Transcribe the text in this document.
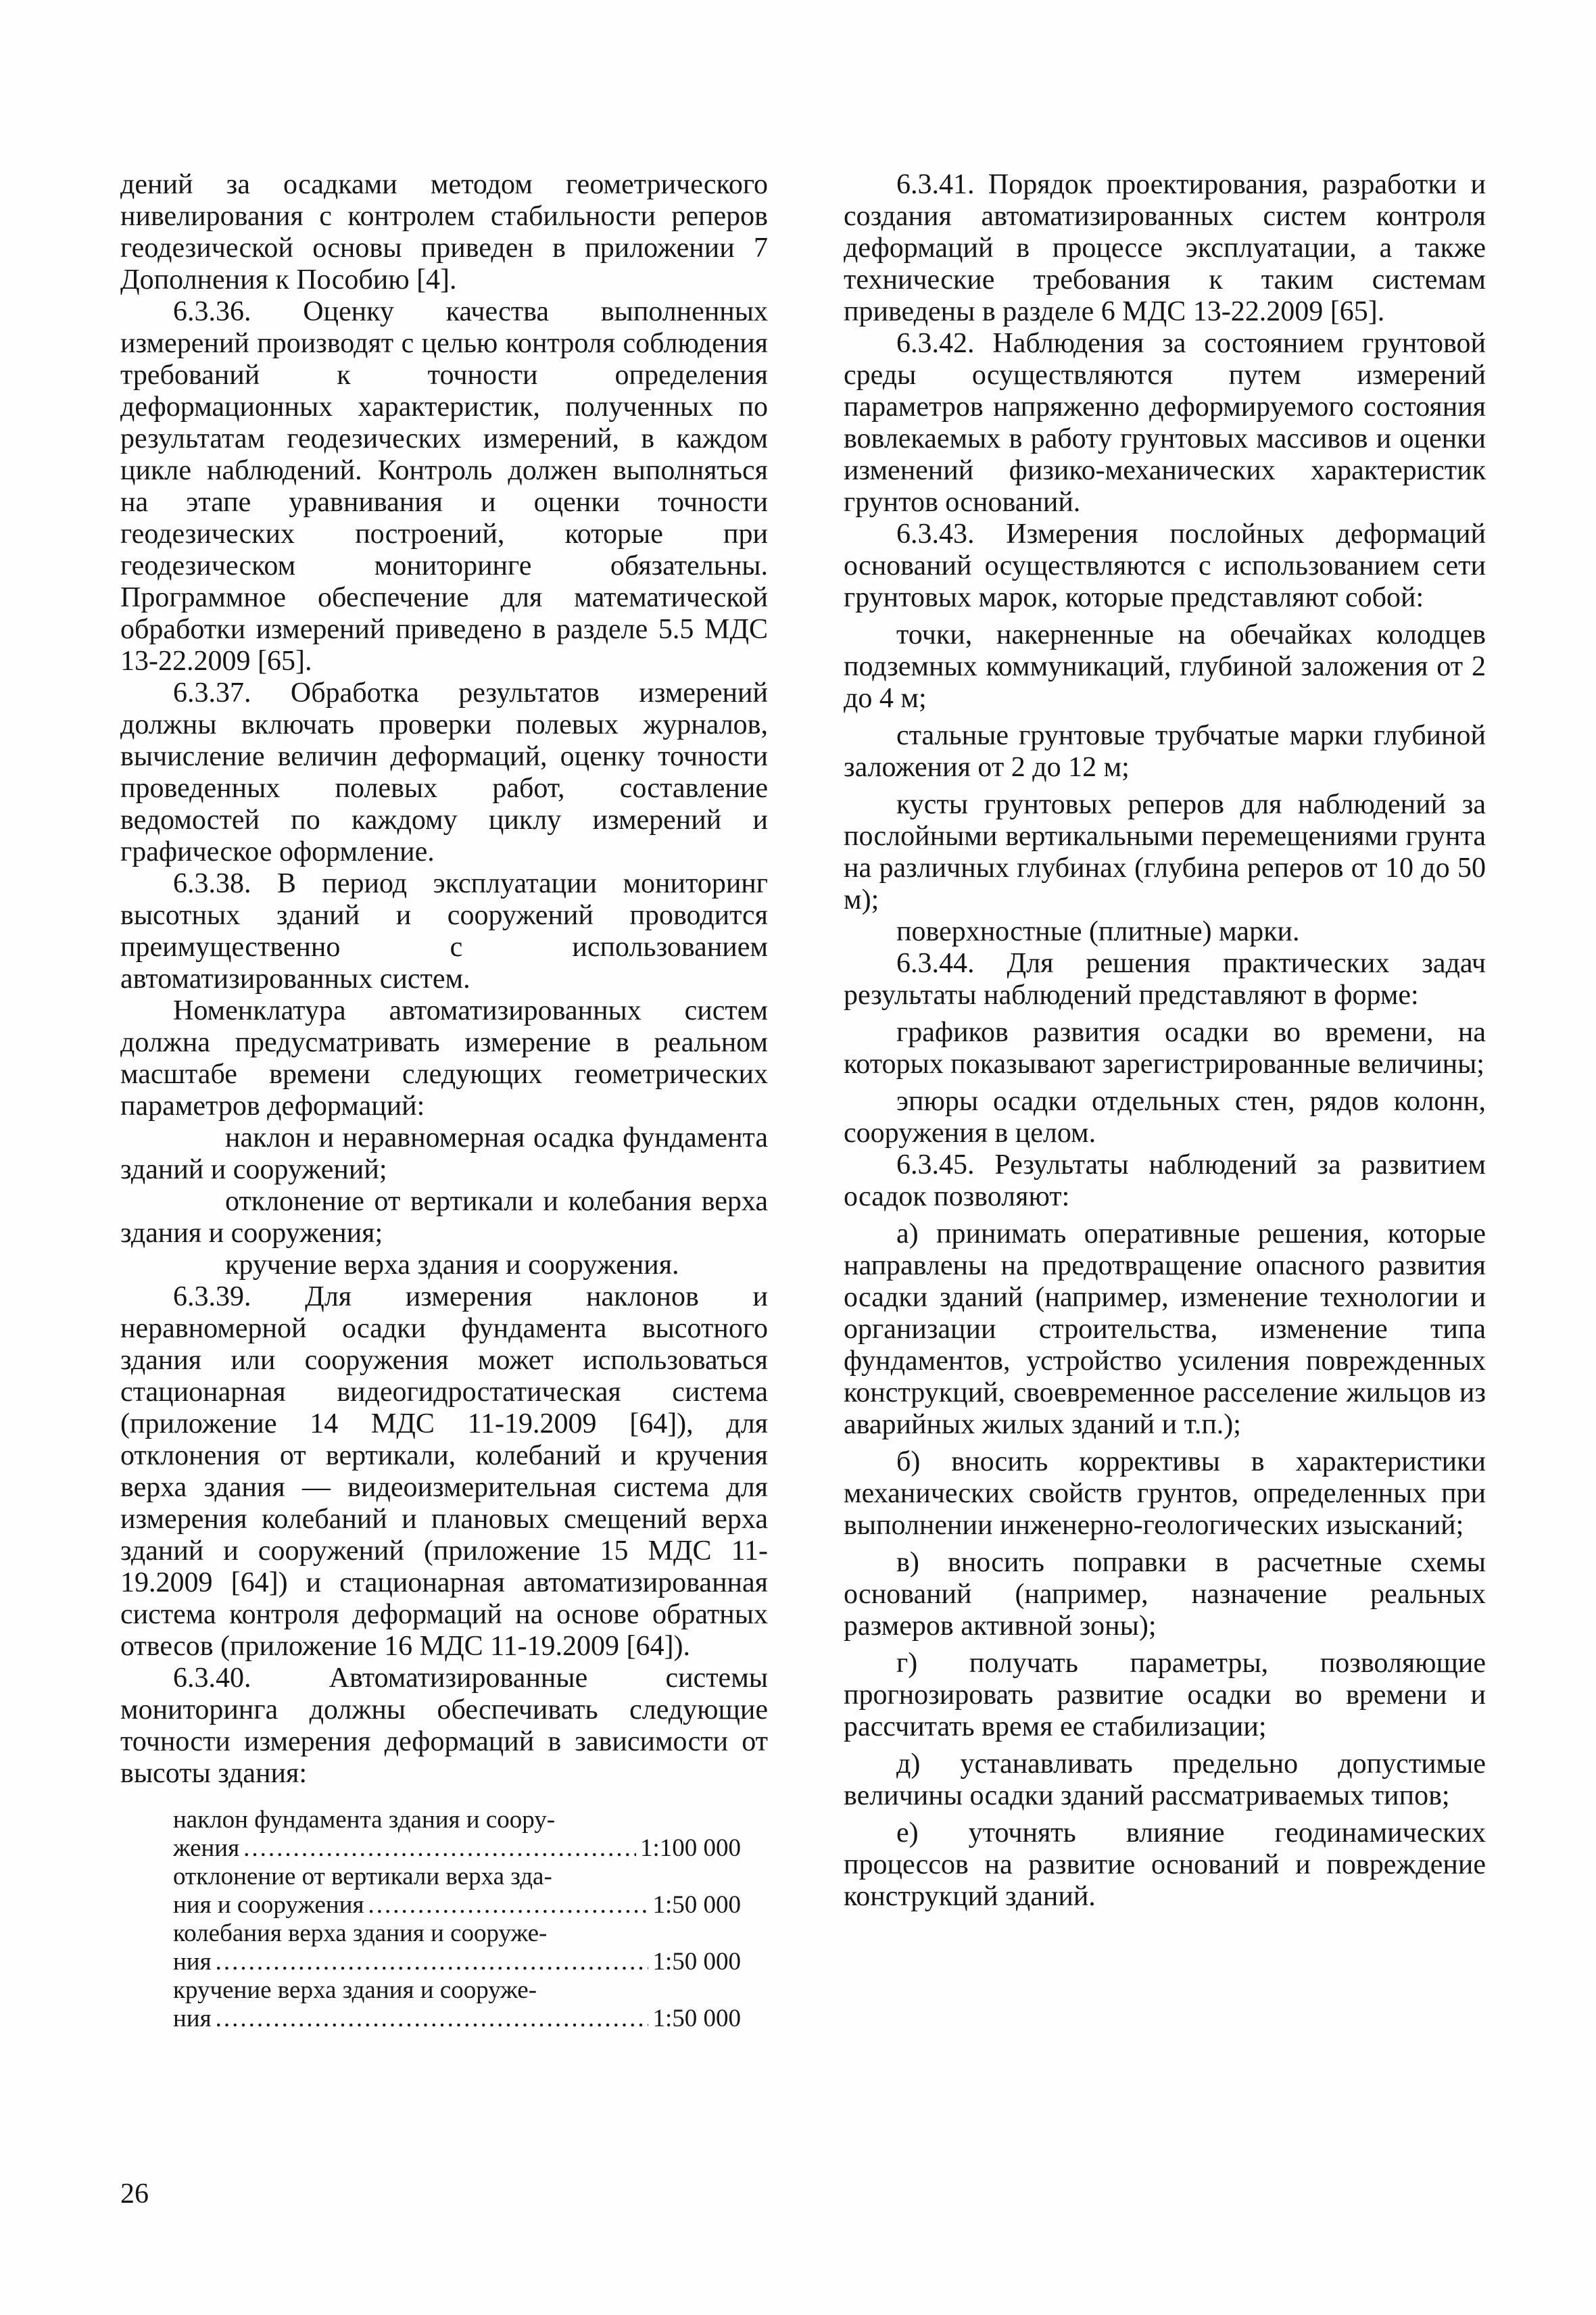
дений за осадками методом геометрического нивелирования с контролем стабильности реперов геодезической основы приведен в приложении 7 Дополнения к Пособию [4].

6.3.36. Оценку качества выполненных измерений производят с целью контроля соблюдения требований к точности определения деформационных характеристик, полученных по результатам геодезических измерений, в каждом цикле наблюдений. Контроль должен выполняться на этапе уравнивания и оценки точности геодезических построений, которые при геодезическом мониторинге обязательны. Программное обеспечение для математической обработки измерений приведено в разделе 5.5 МДС 13-22.2009 [65].

6.3.37. Обработка результатов измерений должны включать проверки полевых журналов, вычисление величин деформаций, оценку точности проведенных полевых работ, составление ведомостей по каждому циклу измерений и графическое оформление.

6.3.38. В период эксплуатации мониторинг высотных зданий и сооружений проводится преимущественно с использованием автоматизированных систем.

Номенклатура автоматизированных систем должна предусматривать измерение в реальном масштабе времени следующих геометрических параметров деформаций:

наклон и неравномерная осадка фундамента зданий и сооружений;

отклонение от вертикали и колебания верха здания и сооружения;

кручение верха здания и сооружения.

6.3.39. Для измерения наклонов и неравномерной осадки фундамента высотного здания или сооружения может использоваться стационарная видеогидростатическая система (приложение 14 МДС 11-19.2009 [64]), для отклонения от вертикали, колебаний и кручения верха здания — видеоизмерительная система для измерения колебаний и плановых смещений верха зданий и сооружений (приложение 15 МДС 11-19.2009 [64]) и стационарная автоматизированная система контроля деформаций на основе обратных отвесов (приложение 16 МДС 11-19.2009 [64]).

6.3.40. Автоматизированные системы мониторинга должны обеспечивать следующие точности измерения деформаций в зависимости от высоты здания:

наклон фундамента здания и соору-

жения .....	1:100 000

отклонение от вертикали верха зда-

ния и сооружения .....	1:50 000

колебания верха здания и сооруже-

ния .....	1:50 000

кручение верха здания и сооруже-

ния .....	1:50 000

6.3.41. Порядок проектирования, разработки и создания автоматизированных систем контроля деформаций в процессе эксплуатации, а также технические требования к таким системам приведены в разделе 6 МДС 13-22.2009 [65].

6.3.42. Наблюдения за состоянием грунтовой среды осуществляются путем измерений параметров напряженно деформируемого состояния вовлекаемых в работу грунтовых массивов и оценки изменений физико-механических характеристик грунтов оснований.

6.3.43. Измерения послойных деформаций оснований осуществляются с использованием сети грунтовых марок, которые представляют собой:

точки, накерненные на обечайках колодцев подземных коммуникаций, глубиной заложения от 2 до 4 м;

стальные грунтовые трубчатые марки глубиной заложения от 2 до 12 м;

кусты грунтовых реперов для наблюдений за послойными вертикальными перемещениями грунта на различных глубинах (глубина реперов от 10 до 50 м);

поверхностные (плитные) марки.

6.3.44. Для решения практических задач результаты наблюдений представляют в форме:

графиков развития осадки во времени, на которых показывают зарегистрированные величины;

эпюры осадки отдельных стен, рядов колонн, сооружения в целом.

6.3.45. Результаты наблюдений за развитием осадок позволяют:

а) принимать оперативные решения, которые направлены на предотвращение опасного развития осадки зданий (например, изменение технологии и организации строительства, изменение типа фундаментов, устройство усиления поврежденных конструкций, своевременное расселение жильцов из аварийных жилых зданий и т.п.);

б) вносить коррективы в характеристики механических свойств грунтов, определенных при выполнении инженерно-геологических изысканий;

в) вносить поправки в расчетные схемы оснований (например, назначение реальных размеров активной зоны);

г) получать параметры, позволяющие прогнозировать развитие осадки во времени и рассчитать время ее стабилизации;

д) устанавливать предельно допустимые величины осадки зданий рассматриваемых типов;

е) уточнять влияние геодинамических процессов на развитие оснований и повреждение конструкций зданий.

26
